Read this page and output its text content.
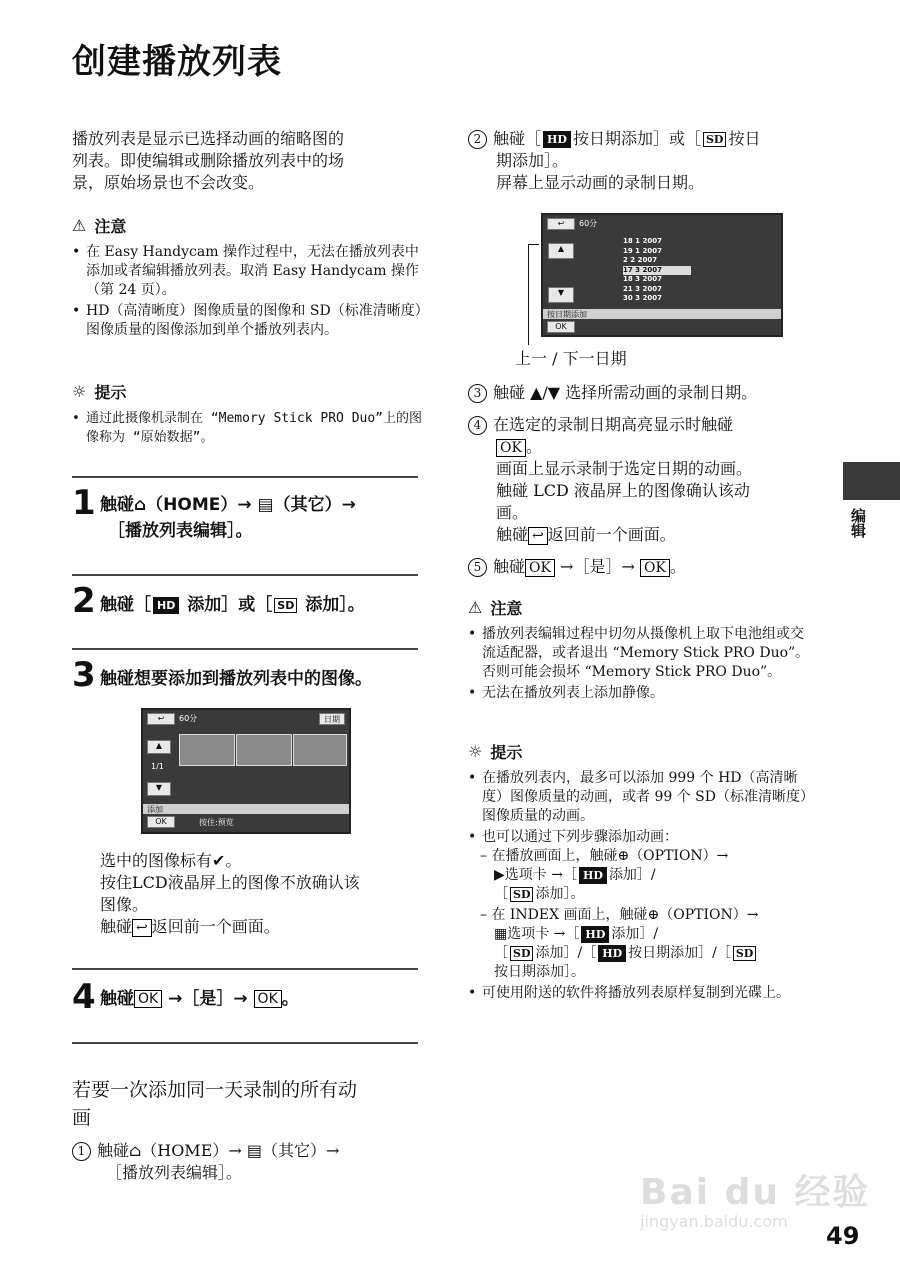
创建播放列表
播放列表是显示已选择动画的缩略图的
列表。即使编辑或删除播放列表中的场
景，原始场景也不会改变。
⚠ 注意
• 在 Easy Handycam 操作过程中，无法在播放列表中添加或者编辑播放列表。取消 Easy Handycam 操作（第 24 页）。
• HD（高清晰度）图像质量的图像和 SD（标准清晰度）图像质量的图像添加到单个播放列表内。
☼ 提示
• 通过此摄像机录制在 “Memory Stick PRO Duo”上的图像称为 “原始数据”。
1 触碰⌂（HOME）→ ▤（其它）→
［播放列表编辑］。
2 触碰［ HD 添加］或［ SD 添加］。
3 触碰想要添加到播放列表中的图像。
↩	60分	日期
▲
1/1
▼
添加
OK	按住:预览
选中的图像标有✔。
按住LCD液晶屏上的图像不放确认该
图像。
触碰 ↩ 返回前一个画面。
4 触碰 OK →［是］→ OK 。
若要一次添加同一天录制的所有动
画
1 触碰⌂（HOME）→ ▤（其它）→
［播放列表编辑］。
2 触碰［ HD 按日期添加］或［ SD 按日
期添加］。
屏幕上显示动画的录制日期。
↩	60分
▲
▼
18 1 2007
19 1 2007
2 2 2007
17 3 2007
18 3 2007
21 3 2007
30 3 2007
按日期添加
OK
上一 / 下一日期
3 触碰 ▲/▼ 选择所需动画的录制日期。
4 在选定的录制日期高亮显示时触碰
OK 。
画面上显示录制于选定日期的动画。
触碰 LCD 液晶屏上的图像确认该动
画。
触碰 ↩ 返回前一个画面。
5 触碰 OK →［是］→ OK 。
⚠ 注意
• 播放列表编辑过程中切勿从摄像机上取下电池组或交流适配器，或者退出 “Memory Stick PRO Duo”。否则可能会损坏 “Memory Stick PRO Duo”。
• 无法在播放列表上添加静像。
☼ 提示
• 在播放列表内，最多可以添加 999 个 HD（高清晰度）图像质量的动画，或者 99 个 SD（标准清晰度）图像质量的动画。
• 也可以通过下列步骤添加动画：
– 在播放画面上，触碰⊕（OPTION）→
▶选项卡 →［ HD 添加］/
［ SD 添加］。
– 在 INDEX 画面上，触碰⊕（OPTION）→
▦选项卡 →［ HD 添加］/
［ SD 添加］/［ HD 按日期添加］/［ SD
按日期添加］。
• 可使用附送的软件将播放列表原样复制到光碟上。
编辑
Bai du 经验
jingyan.baidu.com
49
